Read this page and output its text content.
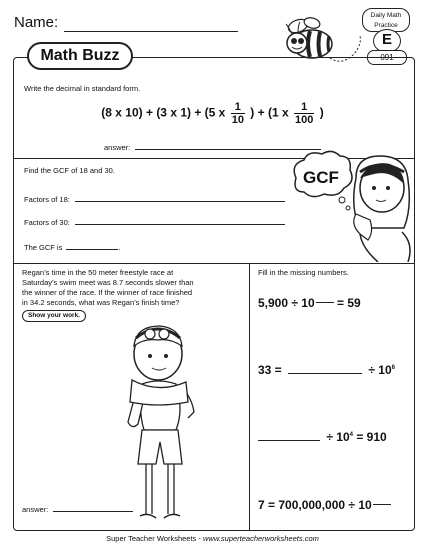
Name:	Daily Math
Practice
E
091
Math Buzz
Write the decimal in standard form.
(8 x 10) + (3 x 1) + (5 x $\frac{1}{10}$ ) + (1 x $\frac{1}{100}$ )
answer:
Find the GCF of 18 and 30.
Factors of 18:
Factors of 30:
The GCF is	.
GCF
Regan’s time in the 50 meter freestyle race at
Saturday’s swim meet was 8.7 seconds slower than
the winner of the race. If the winner of race finished
in 34.2 seconds, what was Regan’s finish time?
Show your work.
answer:
Fill in the missing numbers.
5,900 ÷ 10 = 59
33 =	÷ $10^6$
÷ $10^4 = 910$
7 = 700,000,000 ÷ 10
Super Teacher Worksheets - www.superteacherworksheets.com
